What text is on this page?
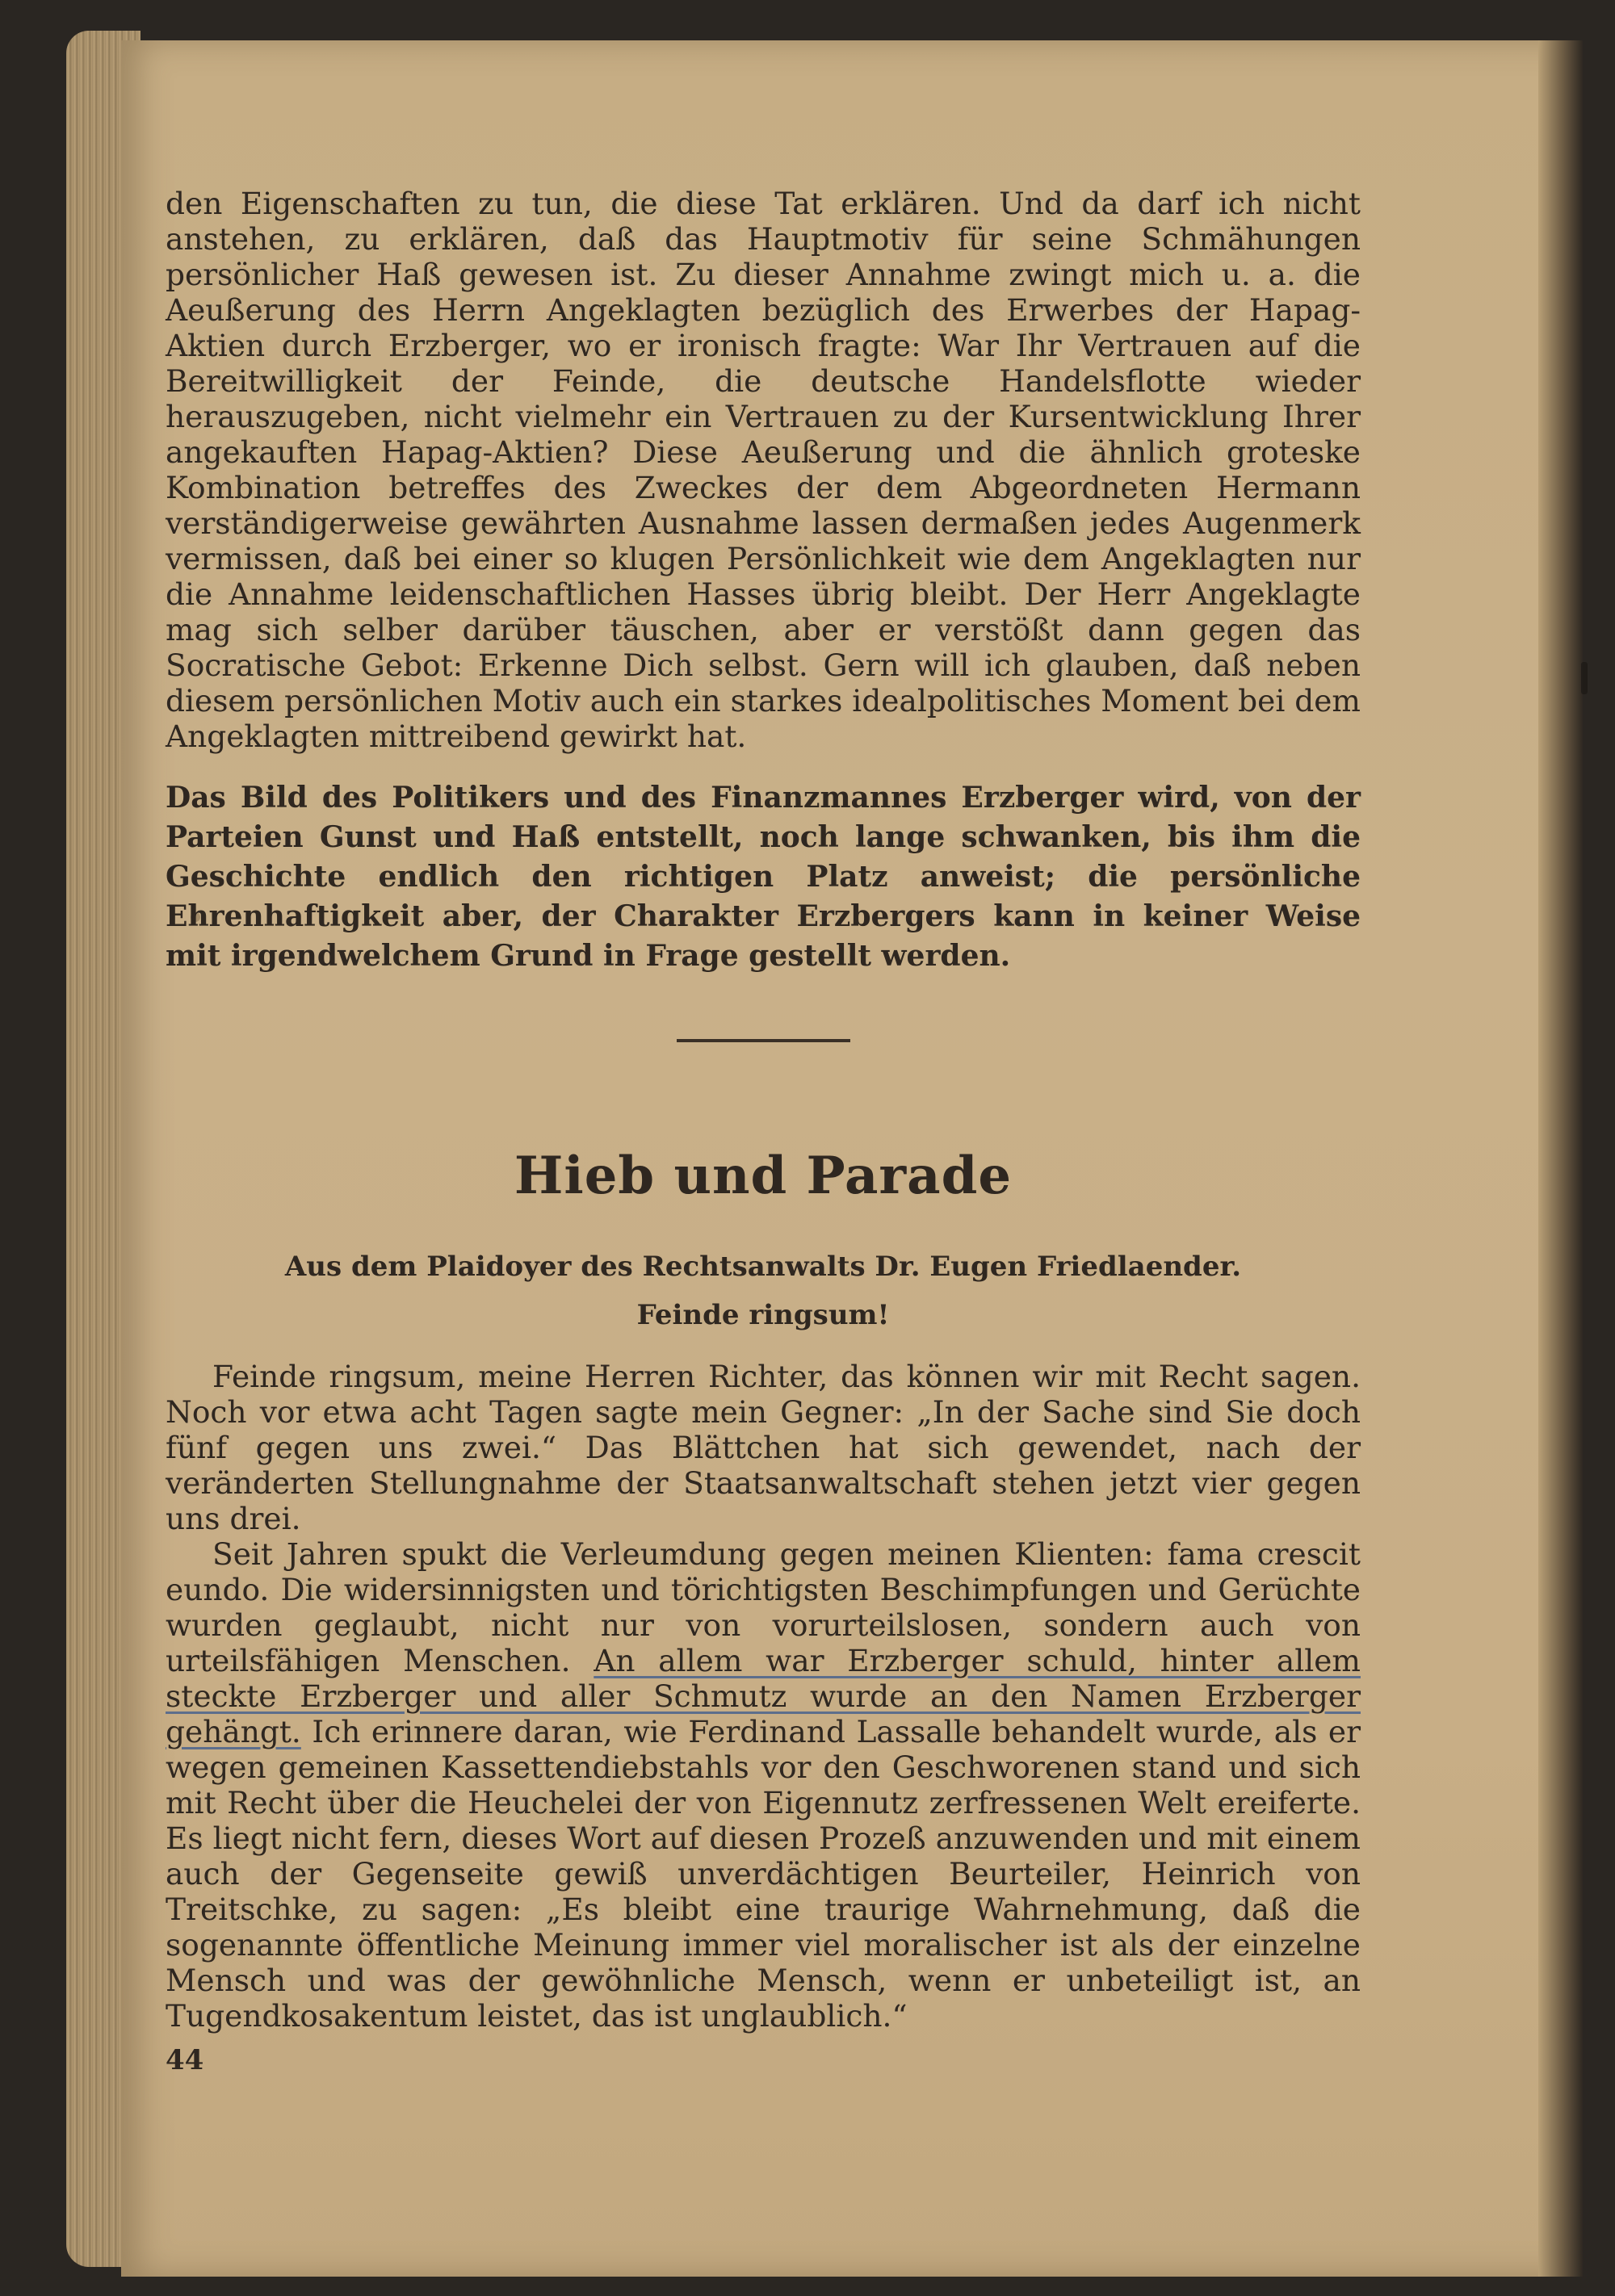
den Eigenschaften zu tun, die diese Tat erklären. Und da darf ich nicht anstehen, zu erklären, daß das Hauptmotiv für seine Schmähungen persönlicher Haß gewesen ist. Zu dieser Annahme zwingt mich u. a. die Aeußerung des Herrn Angeklagten bezüglich des Erwerbes der Hapag-Aktien durch Erzberger, wo er ironisch fragte: War Ihr Vertrauen auf die Bereitwilligkeit der Feinde, die deutsche Handelsflotte wieder herauszugeben, nicht vielmehr ein Vertrauen zu der Kursentwicklung Ihrer angekauften Hapag-Aktien? Diese Aeußerung und die ähnlich groteske Kombination betreffes des Zweckes der dem Abgeordneten Hermann verständigerweise gewährten Ausnahme lassen dermaßen jedes Augenmerk vermissen, daß bei einer so klugen Persönlichkeit wie dem Angeklagten nur die Annahme leidenschaftlichen Hasses übrig bleibt. Der Herr Angeklagte mag sich selber darüber täuschen, aber er verstößt dann gegen das Socratische Gebot: Erkenne Dich selbst. Gern will ich glauben, daß neben diesem persönlichen Motiv auch ein starkes idealpolitisches Moment bei dem Angeklagten mittreibend gewirkt hat.

Das Bild des Politikers und des Finanzmannes Erzberger wird, von der Parteien Gunst und Haß entstellt, noch lange schwanken, bis ihm die Geschichte endlich den richtigen Platz anweist; die persönliche Ehrenhaftigkeit aber, der Charakter Erzbergers kann in keiner Weise mit irgendwelchem Grund in Frage gestellt werden.

Hieb und Parade
Aus dem Plaidoyer des Rechtsanwalts Dr. Eugen Friedlaender.
Feinde ringsum!

Feinde ringsum, meine Herren Richter, das können wir mit Recht sagen. Noch vor etwa acht Tagen sagte mein Gegner: „In der Sache sind Sie doch fünf gegen uns zwei.“ Das Blättchen hat sich gewendet, nach der veränderten Stellungnahme der Staatsanwaltschaft stehen jetzt vier gegen uns drei.

Seit Jahren spukt die Verleumdung gegen meinen Klienten: fama crescit eundo. Die widersinnigsten und törichtigsten Beschimpfungen und Gerüchte wurden geglaubt, nicht nur von vorurteilslosen, sondern auch von urteilsfähigen Menschen. An allem war Erzberger schuld, hinter allem steckte Erzberger und aller Schmutz wurde an den Namen Erzberger gehängt. Ich erinnere daran, wie Ferdinand Lassalle behandelt wurde, als er wegen gemeinen Kassettendiebstahls vor den Geschworenen stand und sich mit Recht über die Heuchelei der von Eigennutz zerfressenen Welt ereiferte. Es liegt nicht fern, dieses Wort auf diesen Prozeß anzuwenden und mit einem auch der Gegenseite gewiß unverdächtigen Beurteiler, Heinrich von Treitschke, zu sagen: „Es bleibt eine traurige Wahrnehmung, daß die sogenannte öffentliche Meinung immer viel moralischer ist als der einzelne Mensch und was der gewöhnliche Mensch, wenn er unbeteiligt ist, an Tugendkosakentum leistet, das ist unglaublich.“

44
